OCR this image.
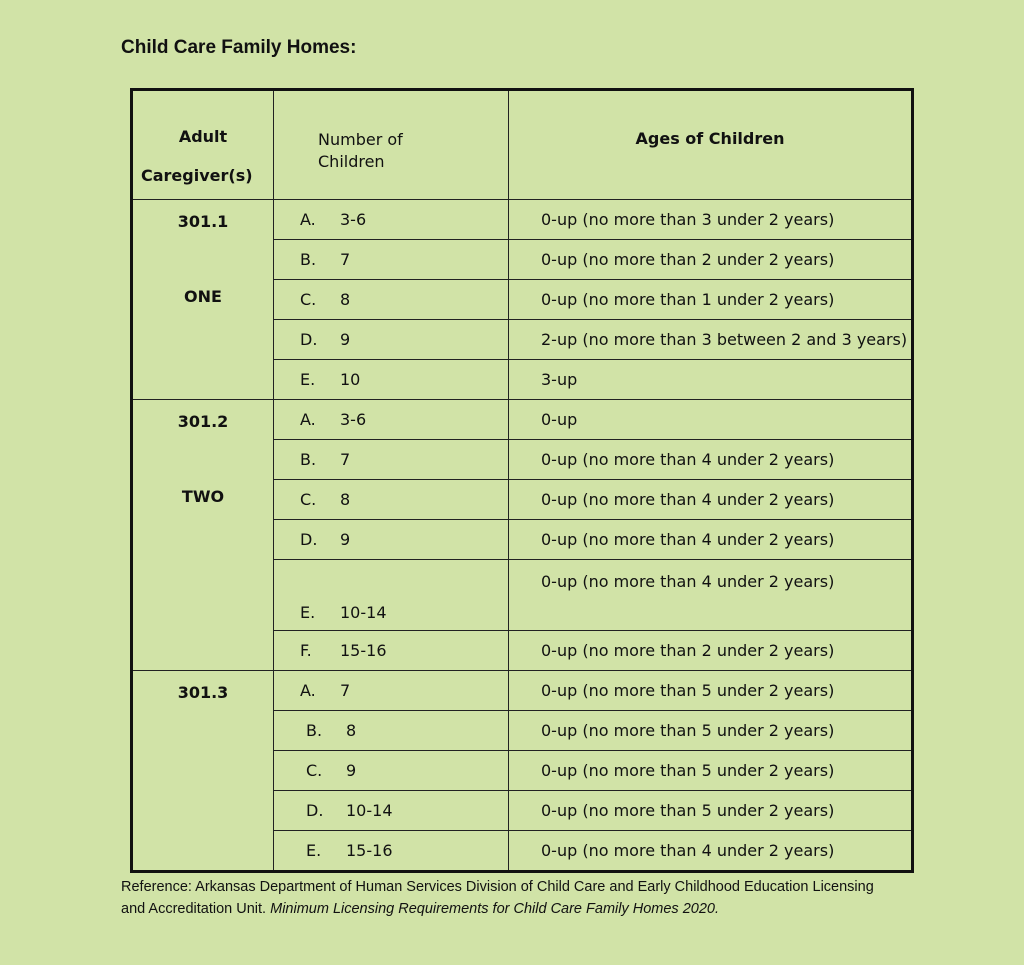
Child Care Family Homes:
Adult
Caregiver(s)	Number of Children	Ages of Children

301.1
ONE	A. 3-6	0-up (no more than 3 under 2 years)
	B. 7	0-up (no more than 2 under 2 years)
	C. 8	0-up (no more than 1 under 2 years)
	D. 9	2-up (no more than 3 between 2 and 3 years)
	E. 10	3-up

301.2
TWO	A. 3-6	0-up
	B. 7	0-up (no more than 4 under 2 years)
	C. 8	0-up (no more than 4 under 2 years)
	D. 9	0-up (no more than 4 under 2 years)
	E. 10-14	0-up (no more than 4 under 2 years)
	F. 15-16	0-up (no more than 2 under 2 years)

301.3	A. 7	0-up (no more than 5 under 2 years)
	B. 8	0-up (no more than 5 under 2 years)
	C. 9	0-up (no more than 5 under 2 years)
	D. 10-14	0-up (no more than 5 under 2 years)
	E. 15-16	0-up (no more than 4 under 2 years)
Reference: Arkansas Department of Human Services Division of Child Care and Early Childhood Education Licensing and Accreditation Unit. Minimum Licensing Requirements for Child Care Family Homes 2020.
